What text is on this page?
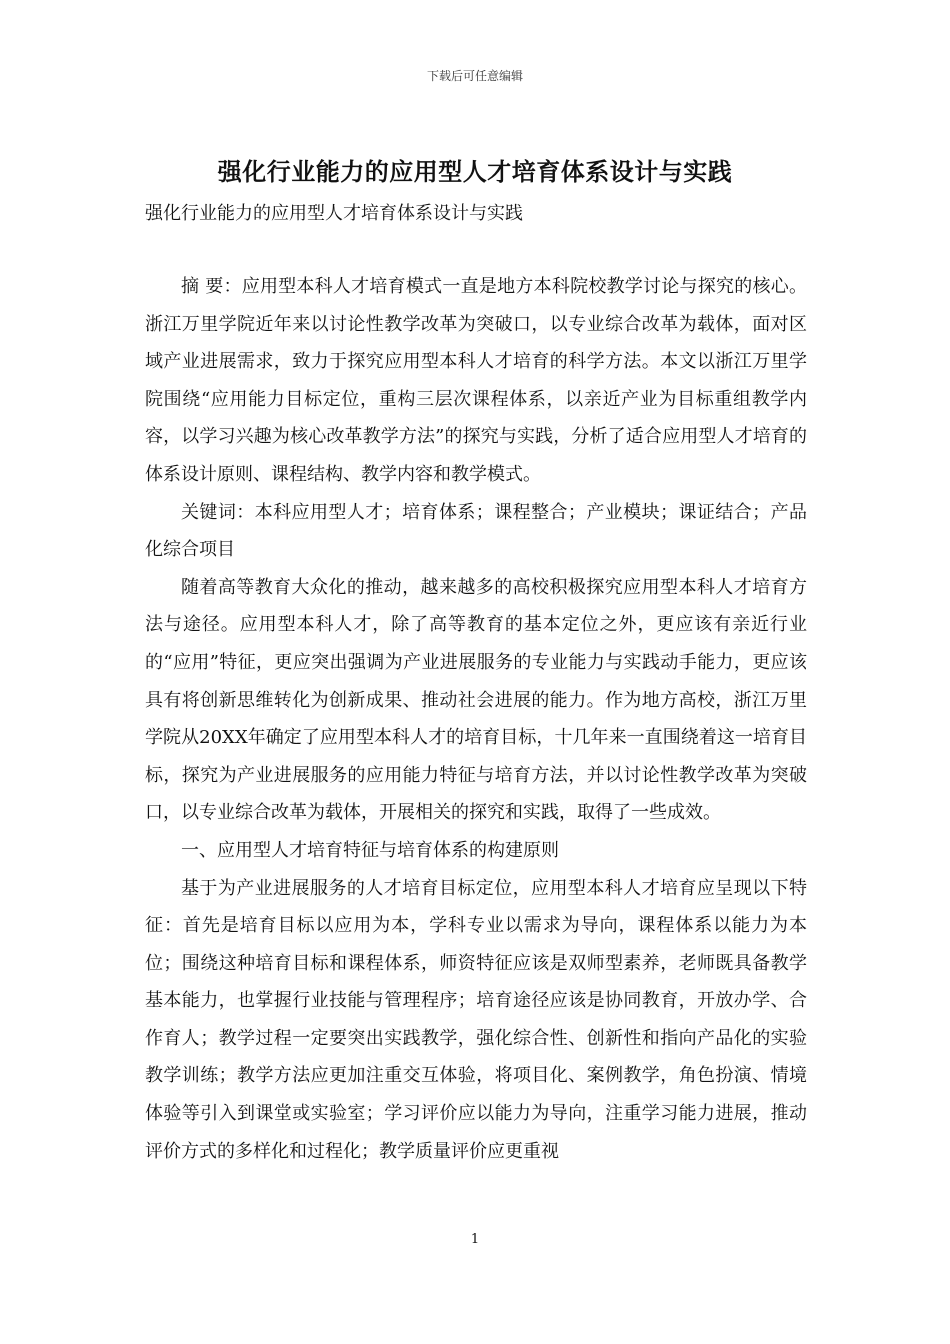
下载后可任意编辑
强化行业能力的应用型人才培育体系设计与实践
强化行业能力的应用型人才培育体系设计与实践

摘 要：应用型本科人才培育模式一直是地方本科院校教学讨论与探究的核心。浙江万里学院近年来以讨论性教学改革为突破口，以专业综合改革为载体，面对区域产业进展需求，致力于探究应用型本科人才培育的科学方法。本文以浙江万里学院围绕“应用能力目标定位，重构三层次课程体系，以亲近产业为目标重组教学内容，以学习兴趣为核心改革教学方法”的探究与实践，分析了适合应用型人才培育的体系设计原则、课程结构、教学内容和教学模式。

关键词：本科应用型人才；培育体系；课程整合；产业模块；课证结合；产品化综合项目

随着高等教育大众化的推动，越来越多的高校积极探究应用型本科人才培育方法与途径。应用型本科人才，除了高等教育的基本定位之外，更应该有亲近行业的“应用”特征，更应突出强调为产业进展服务的专业能力与实践动手能力，更应该具有将创新思维转化为创新成果、推动社会进展的能力。作为地方高校，浙江万里学院从20XX年确定了应用型本科人才的培育目标，十几年来一直围绕着这一培育目标，探究为产业进展服务的应用能力特征与培育方法，并以讨论性教学改革为突破口，以专业综合改革为载体，开展相关的探究和实践，取得了一些成效。

一、应用型人才培育特征与培育体系的构建原则

基于为产业进展服务的人才培育目标定位，应用型本科人才培育应呈现以下特征：首先是培育目标以应用为本，学科专业以需求为导向，课程体系以能力为本位；围绕这种培育目标和课程体系，师资特征应该是双师型素养，老师既具备教学基本能力，也掌握行业技能与管理程序；培育途径应该是协同教育，开放办学、合作育人；教学过程一定要突出实践教学，强化综合性、创新性和指向产品化的实验教学训练；教学方法应更加注重交互体验，将项目化、案例教学，角色扮演、情境体验等引入到课堂或实验室；学习评价应以能力为导向，注重学习能力进展，推动评价方式的多样化和过程化；教学质量评价应更重视

1
